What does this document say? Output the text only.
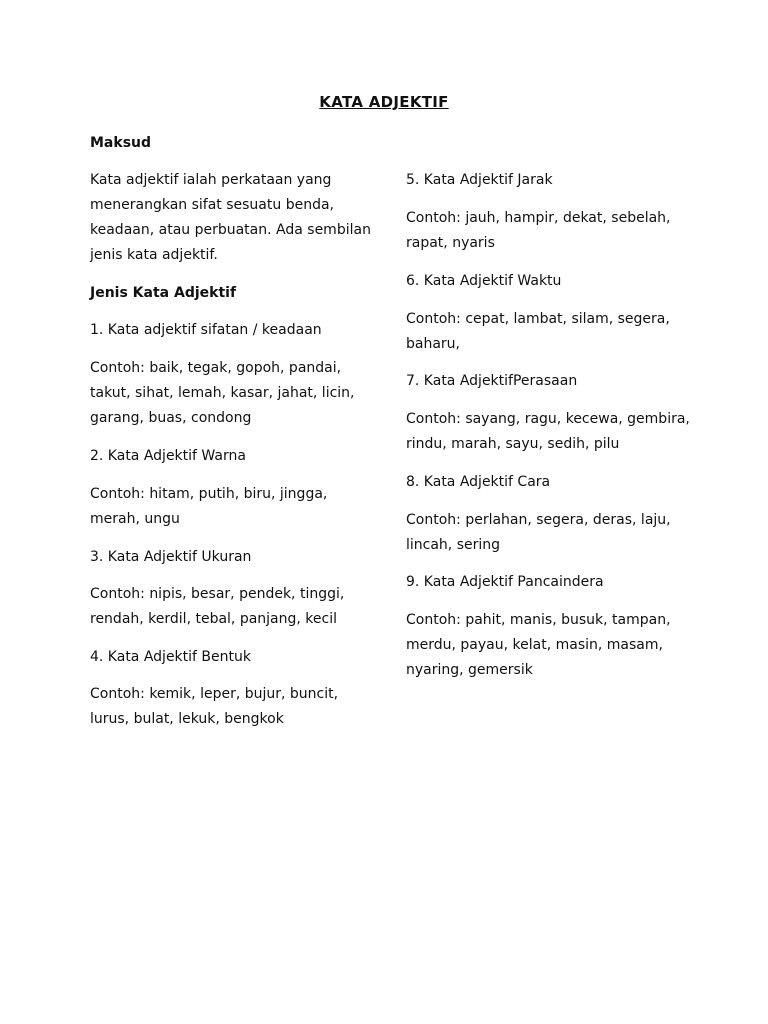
KATA ADJEKTIF

Maksud

Kata adjektif ialah perkataan yang menerangkan sifat sesuatu benda, keadaan, atau perbuatan. Ada sembilan jenis kata adjektif.

Jenis Kata Adjektif

1. Kata adjektif sifatan / keadaan

Contoh: baik, tegak, gopoh, pandai, takut, sihat, lemah, kasar, jahat, licin, garang, buas, condong

2. Kata Adjektif Warna

Contoh: hitam, putih, biru, jingga, merah, ungu

3. Kata Adjektif Ukuran

Contoh: nipis, besar, pendek, tinggi, rendah, kerdil, tebal, panjang, kecil

4. Kata Adjektif Bentuk

Contoh: kemik, leper, bujur, buncit, lurus, bulat, lekuk, bengkok

5. Kata Adjektif Jarak

Contoh: jauh, hampir, dekat, sebelah, rapat, nyaris

6. Kata Adjektif Waktu

Contoh: cepat, lambat, silam, segera, baharu,

7. Kata AdjektifPerasaan

Contoh: sayang, ragu, kecewa, gembira, rindu, marah, sayu, sedih, pilu

8. Kata Adjektif Cara

Contoh: perlahan, segera, deras, laju, lincah, sering

9. Kata Adjektif Pancaindera

Contoh: pahit, manis, busuk, tampan, merdu, payau, kelat, masin, masam, nyaring, gemersik
